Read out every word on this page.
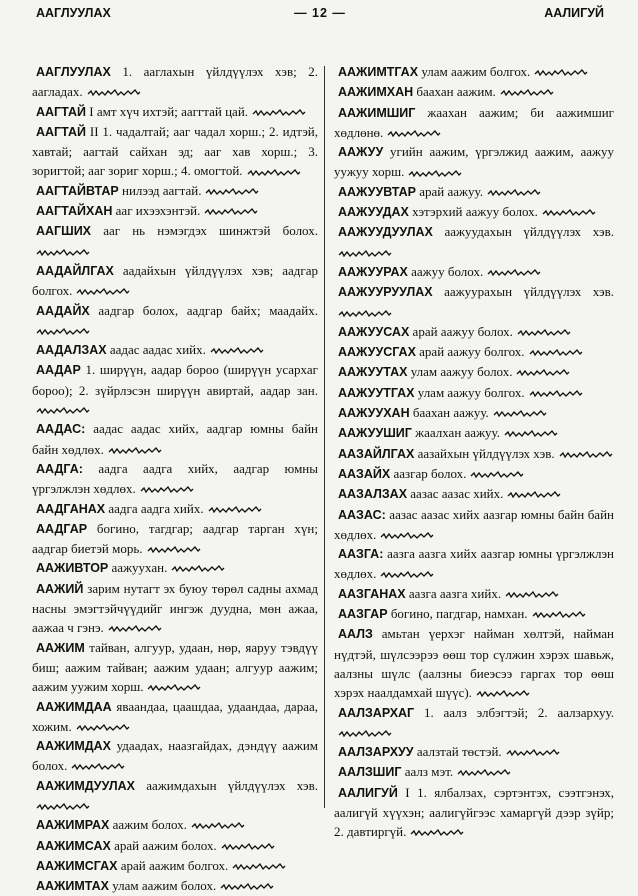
ААГЛУУЛАХ	— 12 —	ААЛИГУЙ
ААГЛУУЛАХ 1. ааглахын үйлдүүлэх хэв; 2. аагладах.
ААГТАЙ I амт хүч ихтэй; ааггтай цай.
ААГТАЙ II 1. чадалтай; ааг чадал хорш.; 2. идтэй, хавтай; аагтай сайхан эд; ааг хав хорш.; 3. зоригтой; ааг зориг хорш.; 4. омогтой.
ААГТАЙВТАР нилээд аагтай.
ААГТАЙХАН ааг ихээхэнтэй.
ААГШИХ ааг нь нэмэгдэх шинжтэй болох.
ААДАЙЛГАХ аадайхын үйлдүүлэх хэв; аадгар болгох.
ААДАЙХ аадгар болох, аадгар байх; маадайх.
ААДАЛЗАХ аадас аадас хийх.
ААДАР 1. ширүүн, аадар бороо (ширүүн усархаг бороо); 2. зүйрлэсэн ширүүн авиртай, аадар зан.
ААДАС: аадас аадас хийх, аадгар юмны байн байн хөдлөх.
ААДГА: аадга аадга хийх, аадгар юмны үргэлжлэн хөдлөх.
ААДГАНАХ аадга аадга хийх.
ААДГАР богино, тагдгар; аадгар тарган хүн; аадгар биетэй морь.
ААЖИВТОР аажуухан.
ААЖИЙ зарим нутагт эх буюу төрөл садны ахмад насны эмэгтэйчүүдийг ингэж дуудна, мөн ажаа, аажаа ч гэнэ.
ААЖИМ тайван, алгуур, удаан, нөр, яаруу тэвдүү биш; аажим тайван; аажим удаан; алгуур аажим; аажим уужим хорш.
ААЖИМДАА яваандаа, цаашдаа, удаандаа, дараа, хожим.
ААЖИМДАХ удаадах, наазгайдах, дэндүү аажим болох.
ААЖИМДУУЛАХ аажимдахын үйлдүүлэх хэв.
ААЖИМРАХ аажим болох.
ААЖИМСАХ арай аажим болох.
ААЖИМСГАХ арай аажим болгох.
ААЖИМТАХ улам аажим болох.
ААЖИМТГАХ улам аажим болгох.
ААЖИМХАН баахан аажим.
ААЖИМШИГ жаахан аажим; би аажимшиг хөдлөнө.
ААЖУУ угийн аажим, үргэлжид аажим, аажуу уужуу хорш.
ААЖУУВТАР арай аажуу.
ААЖУУДАХ хэтэрхий аажуу болох.
ААЖУУДУУЛАХ аажуудахын үйлдүүлэх хэв.
ААЖУУРАХ аажуу болох.
ААЖУУРУУЛАХ аажуурахын үйлдүүлэх хэв.
ААЖУУСАХ арай аажуу болох.
ААЖУУСГАХ арай аажуу болгох.
ААЖУУТАХ улам аажуу болох.
ААЖУУТГАХ улам аажуу болгох.
ААЖУУХАН баахан аажуу.
ААЖУУШИГ жаалхан аажуу.
ААЗАЙЛГАХ аазайхын үйлдүүлэх хэв.
ААЗАЙХ аазгар болох.
ААЗАЛЗАХ аазас аазас хийх.
ААЗАС: аазас аазас хийх аазгар юмны байн байн хөдлөх.
ААЗГА: аазга аазга хийх аазгар юмны үргэлжлэн хөдлөх.
ААЗГАНАХ аазга аазга хийх.
ААЗГАР богино, пагдгар, намхан.
ААЛЗ амьтан үерхэг найман хөлтэй, найман нүдтэй, шүлсээрээ өөш тор сүлжин хэрэх шавьж, аалзны шүлс (аалзны биеэсээ гаргах тор өөш хэрэх наалдамхай шүүс).
ААЛЗАРХАГ 1. аалз элбэгтэй; 2. аалзархуу.
ААЛЗАРХУУ аалзтай төстэй.
ААЛЗШИГ аалз мэт.
ААЛИГУЙ I 1. ялбалзах, сэртэнтэх, сээтгэнэх, аалигүй хүүхэн; аалигүйгээс хамаргүй дээр зүйр; 2. давтиргүй.
